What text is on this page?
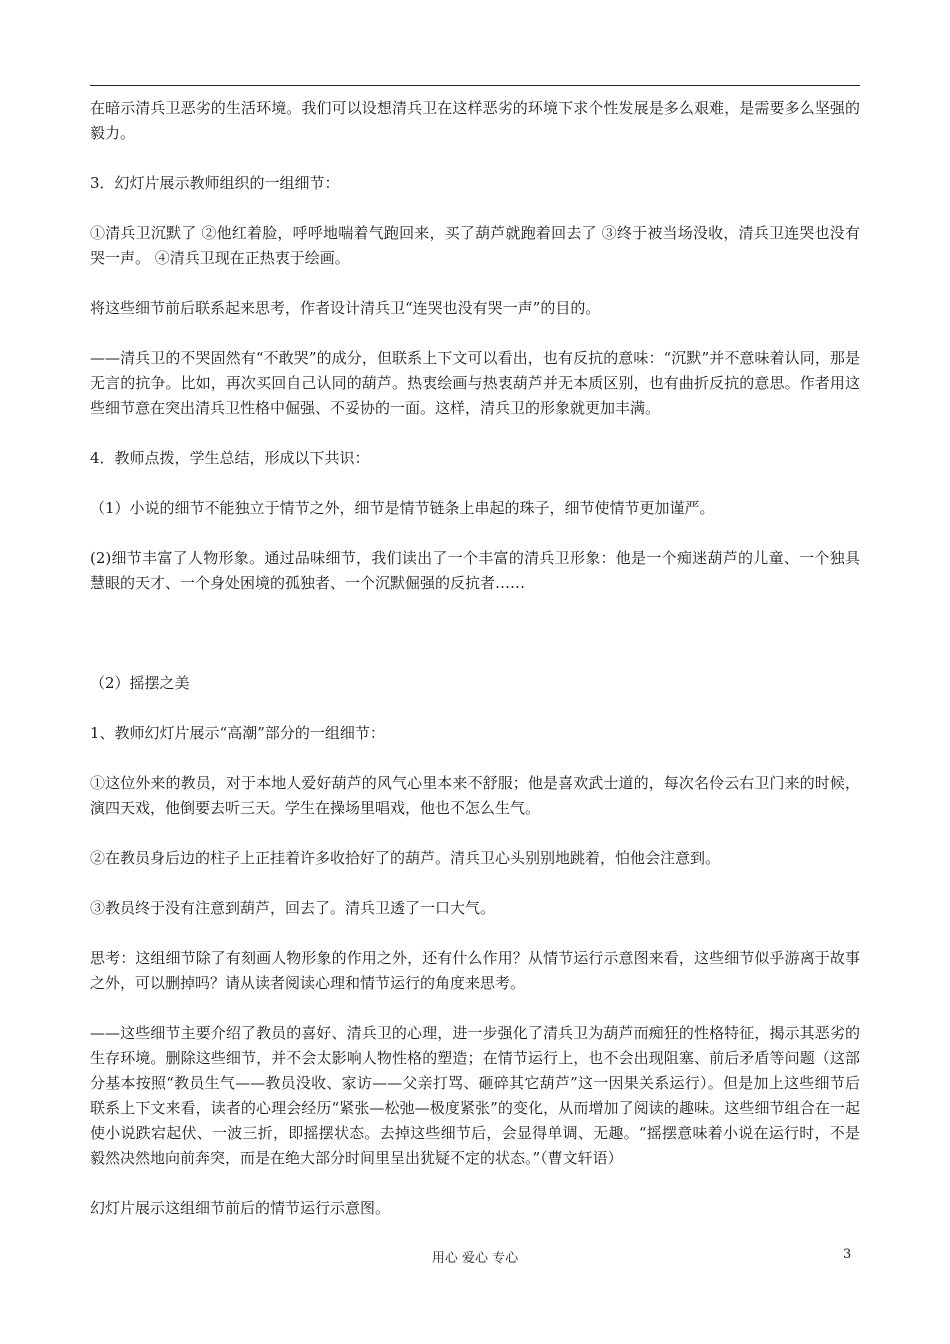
在暗示清兵卫恶劣的生活环境。我们可以设想清兵卫在这样恶劣的环境下求个性发展是多么艰难，是需要多么坚强的毅力。

3．幻灯片展示教师组织的一组细节：

①清兵卫沉默了 ②他红着脸，呼呼地喘着气跑回来，买了葫芦就跑着回去了 ③终于被当场没收，清兵卫连哭也没有哭一声。 ④清兵卫现在正热衷于绘画。

将这些细节前后联系起来思考，作者设计清兵卫“连哭也没有哭一声”的目的。

——清兵卫的不哭固然有“不敢哭”的成分，但联系上下文可以看出，也有反抗的意味：“沉默”并不意味着认同，那是无言的抗争。比如，再次买回自己认同的葫芦。热衷绘画与热衷葫芦并无本质区别，也有曲折反抗的意思。作者用这些细节意在突出清兵卫性格中倔强、不妥协的一面。这样，清兵卫的形象就更加丰满。

4．教师点拨，学生总结，形成以下共识：

（1）小说的细节不能独立于情节之外，细节是情节链条上串起的珠子，细节使情节更加谨严。

(2)细节丰富了人物形象。通过品味细节，我们读出了一个丰富的清兵卫形象：他是一个痴迷葫芦的儿童、一个独具慧眼的天才、一个身处困境的孤独者、一个沉默倔强的反抗者……

（2）摇摆之美

1、教师幻灯片展示“高潮”部分的一组细节：

①这位外来的教员，对于本地人爱好葫芦的风气心里本来不舒服；他是喜欢武士道的，每次名伶云右卫门来的时候，演四天戏，他倒要去听三天。学生在操场里唱戏，他也不怎么生气。

②在教员身后边的柱子上正挂着许多收拾好了的葫芦。清兵卫心头别别地跳着，怕他会注意到。

③教员终于没有注意到葫芦，回去了。清兵卫透了一口大气。

思考：这组细节除了有刻画人物形象的作用之外，还有什么作用？从情节运行示意图来看，这些细节似乎游离于故事之外，可以删掉吗？请从读者阅读心理和情节运行的角度来思考。

——这些细节主要介绍了教员的喜好、清兵卫的心理，进一步强化了清兵卫为葫芦而痴狂的性格特征，揭示其恶劣的生存环境。删除这些细节，并不会太影响人物性格的塑造；在情节运行上，也不会出现阻塞、前后矛盾等问题（这部分基本按照“教员生气——教员没收、家访——父亲打骂、砸碎其它葫芦”这一因果关系运行）。但是加上这些细节后联系上下文来看，读者的心理会经历“紧张—松弛—极度紧张”的变化，从而增加了阅读的趣味。这些细节组合在一起使小说跌宕起伏、一波三折，即摇摆状态。去掉这些细节后，会显得单调、无趣。“摇摆意味着小说在运行时，不是毅然决然地向前奔突，而是在绝大部分时间里呈出犹疑不定的状态。”（曹文轩语）

幻灯片展示这组细节前后的情节运行示意图。

用心 爱心 专心	3
